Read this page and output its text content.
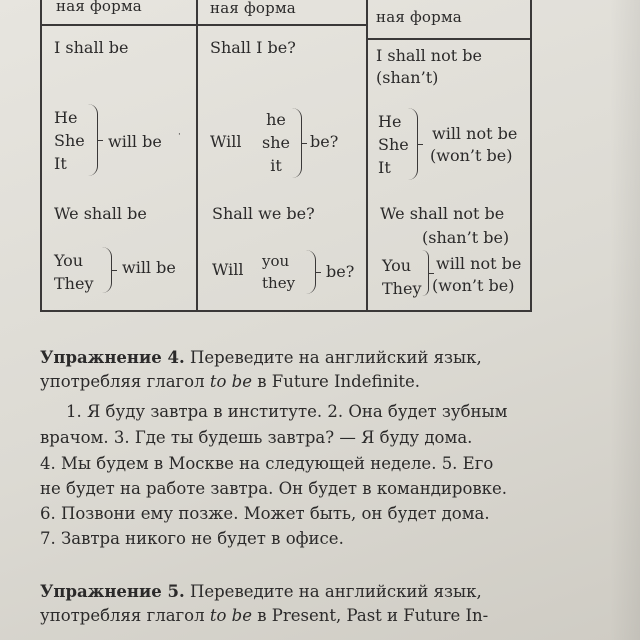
ная форма	ная форма	ная форма
I shall be
He
She
It
will be ·
We shall be
You
They
will be
Shall I be?
Will
he
she
it
be?
Shall we be?
Will you
they
be?
I shall not be
(shan’t)
He
She
It
will not be
(won’t be)
We shall not be
(shan’t be)
You
They
will not be
(won’t be)
Упражнение 4. Переведите на английский язык,
употребляя глагол to be в Future Indefinite.
1. Я буду завтра в институте. 2. Она будет зубным
врачом. 3. Где ты будешь завтра? — Я буду дома.
4. Мы будем в Москве на следующей неделе. 5. Его
не будет на работе завтра. Он будет в командировке.
6. Позвони ему позже. Может быть, он будет дома.
7. Завтра никого не будет в офисе.
Упражнение 5. Переведите на английский язык,
употребляя глагол to be в Present, Past и Future In-
